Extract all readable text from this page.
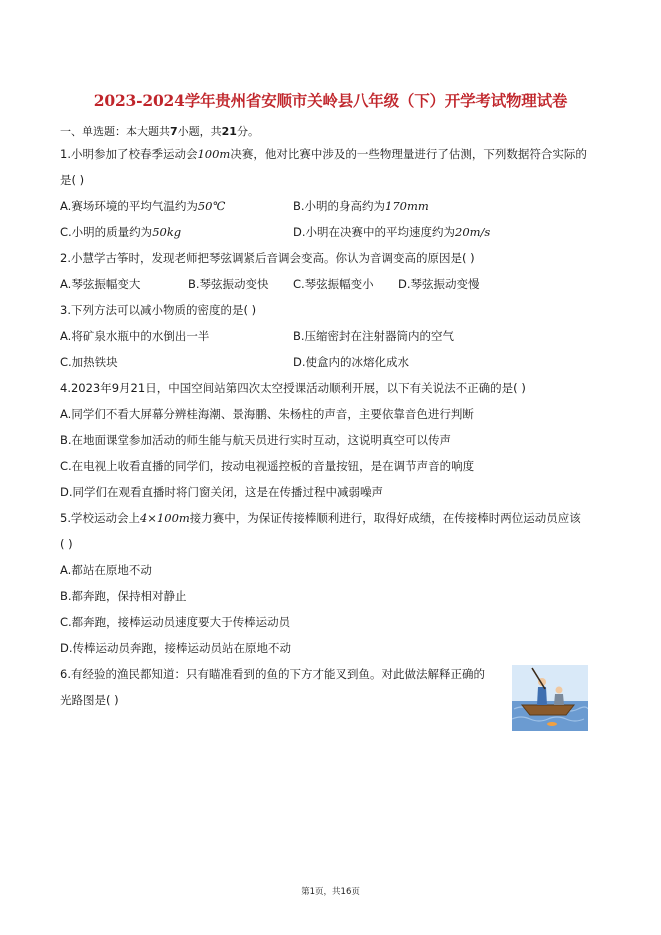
2023-2024学年贵州省安顺市关岭县八年级（下）开学考试物理试卷
一、单选题：本大题共7小题，共21分。
1.小明参加了校春季运动会100m决赛，他对比赛中涉及的一些物理量进行了估测，下列数据符合实际的
是( )
A.赛场环境的平均气温约为50℃	B.小明的身高约为170mm
C.小明的质量约为50kg	D.小明在决赛中的平均速度约为20m/s
2.小慧学古筝时，发现老师把琴弦调紧后音调会变高。你认为音调变高的原因是( )
A.琴弦振幅变大	B.琴弦振动变快 C.琴弦振幅变小 D.琴弦振动变慢
3.下列方法可以减小物质的密度的是( )
A.将矿泉水瓶中的水倒出一半	B.压缩密封在注射器筒内的空气
C.加热铁块	D.使盒内的冰熔化成水
4.2023年9月21日，中国空间站第四次太空授课活动顺利开展，以下有关说法不正确的是( )
A.同学们不看大屏幕分辨桂海潮、景海鹏、朱杨柱的声音，主要依靠音色进行判断
B.在地面课堂参加活动的师生能与航天员进行实时互动，这说明真空可以传声
C.在电视上收看直播的同学们，按动电视遥控板的音量按钮，是在调节声音的响度
D.同学们在观看直播时将门窗关闭，这是在传播过程中减弱噪声
5.学校运动会上4×100m接力赛中，为保证传接棒顺利进行，取得好成绩，在传接棒时两位运动员应该
( )
A.都站在原地不动
B.都奔跑，保持相对静止
C.都奔跑，接棒运动员速度要大于传棒运动员
D.传棒运动员奔跑，接棒运动员站在原地不动
6.有经验的渔民都知道：只有瞄准看到的鱼的下方才能叉到鱼。对此做法解释正确的
光路图是( )
第1页，共16页
